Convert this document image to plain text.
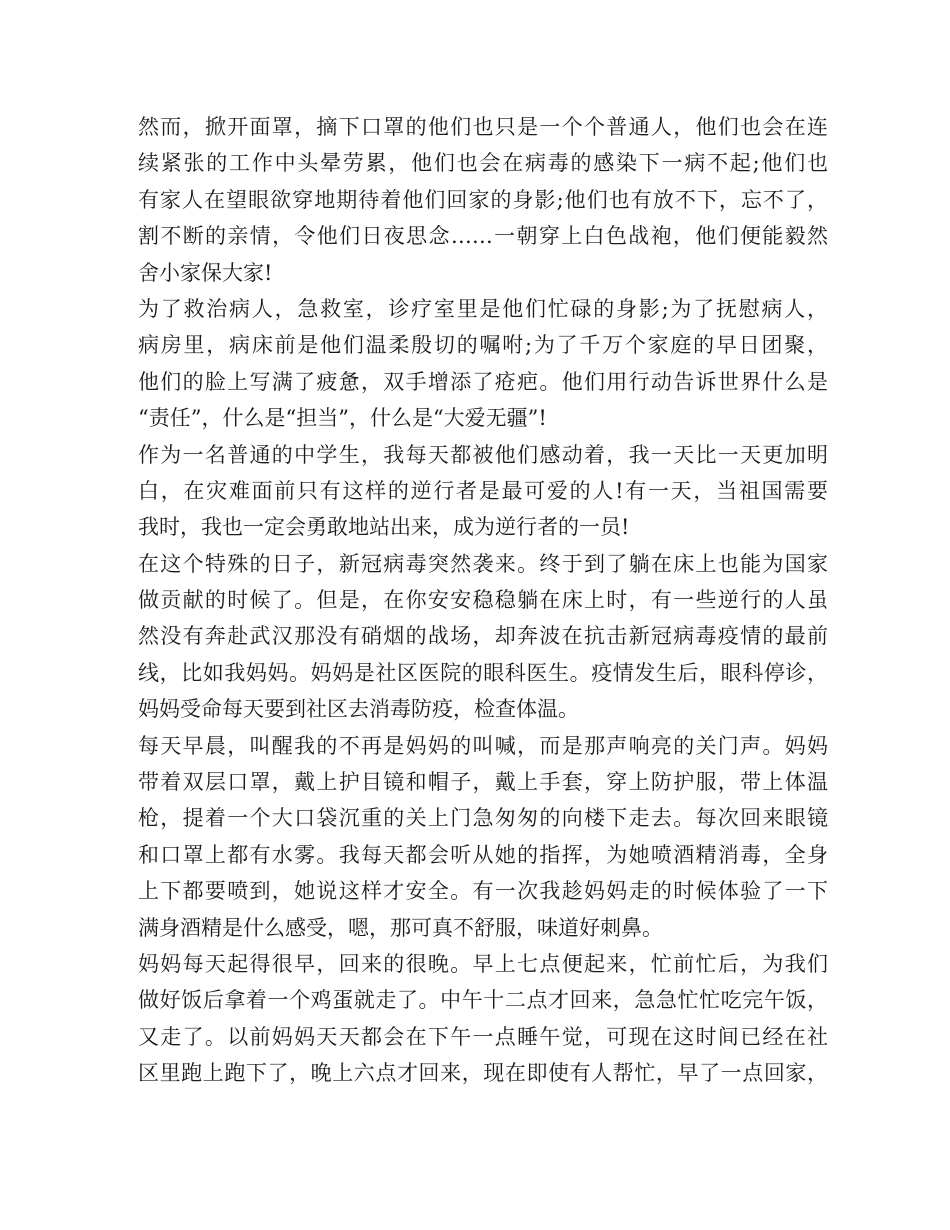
然而，掀开面罩，摘下口罩的他们也只是一个个普通人，他们也会在连
续紧张的工作中头晕劳累，他们也会在病毒的感染下一病不起;他们也
有家人在望眼欲穿地期待着他们回家的身影;他们也有放不下，忘不了，
割不断的亲情，令他们日夜思念……一朝穿上白色战袍，他们便能毅然
舍小家保大家!
为了救治病人，急救室，诊疗室里是他们忙碌的身影;为了抚慰病人，
病房里，病床前是他们温柔殷切的嘱咐;为了千万个家庭的早日团聚，
他们的脸上写满了疲惫，双手增添了疮疤。他们用行动告诉世界什么是
“责任”，什么是“担当”，什么是“大爱无疆”!
作为一名普通的中学生，我每天都被他们感动着，我一天比一天更加明
白，在灾难面前只有这样的逆行者是最可爱的人!有一天，当祖国需要
我时，我也一定会勇敢地站出来，成为逆行者的一员!
在这个特殊的日子，新冠病毒突然袭来。终于到了躺在床上也能为国家
做贡献的时候了。但是，在你安安稳稳躺在床上时，有一些逆行的人虽
然没有奔赴武汉那没有硝烟的战场，却奔波在抗击新冠病毒疫情的最前
线，比如我妈妈。妈妈是社区医院的眼科医生。疫情发生后，眼科停诊，
妈妈受命每天要到社区去消毒防疫，检查体温。
每天早晨，叫醒我的不再是妈妈的叫喊，而是那声响亮的关门声。妈妈
带着双层口罩，戴上护目镜和帽子，戴上手套，穿上防护服，带上体温
枪，提着一个大口袋沉重的关上门急匆匆的向楼下走去。每次回来眼镜
和口罩上都有水雾。我每天都会听从她的指挥，为她喷酒精消毒，全身
上下都要喷到，她说这样才安全。有一次我趁妈妈走的时候体验了一下
满身酒精是什么感受，嗯，那可真不舒服，味道好刺鼻。
妈妈每天起得很早，回来的很晚。早上七点便起来，忙前忙后，为我们
做好饭后拿着一个鸡蛋就走了。中午十二点才回来，急急忙忙吃完午饭，
又走了。以前妈妈天天都会在下午一点睡午觉，可现在这时间已经在社
区里跑上跑下了，晚上六点才回来，现在即使有人帮忙，早了一点回家，
